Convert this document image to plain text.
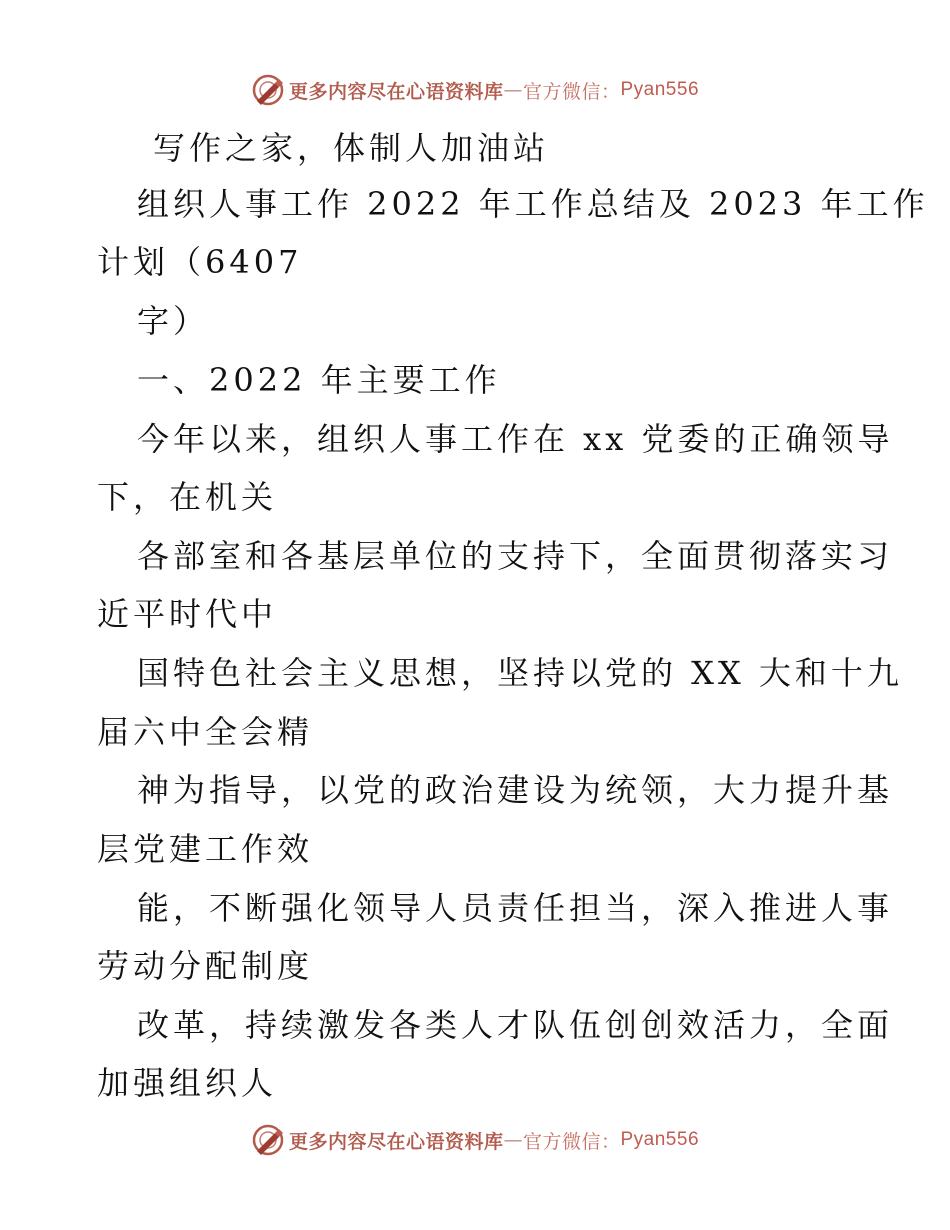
更多内容尽在心语资料库 — 官方微信： Pyan556
写作之家，体制人加油站
组织人事工作 2022 年工作总结及 2023 年工作
计划（6407
字）
一、2022 年主要工作
今年以来，组织人事工作在 xx 党委的正确领导
下，在机关
各部室和各基层单位的支持下，全面贯彻落实习
近平时代中
国特色社会主义思想，坚持以党的 XX 大和十九
届六中全会精
神为指导，以党的政治建设为统领，大力提升基
层党建工作效
能，不断强化领导人员责任担当，深入推进人事
劳动分配制度
改革，持续激发各类人才队伍创创效活力，全面
加强组织人
更多内容尽在心语资料库 — 官方微信： Pyan556
